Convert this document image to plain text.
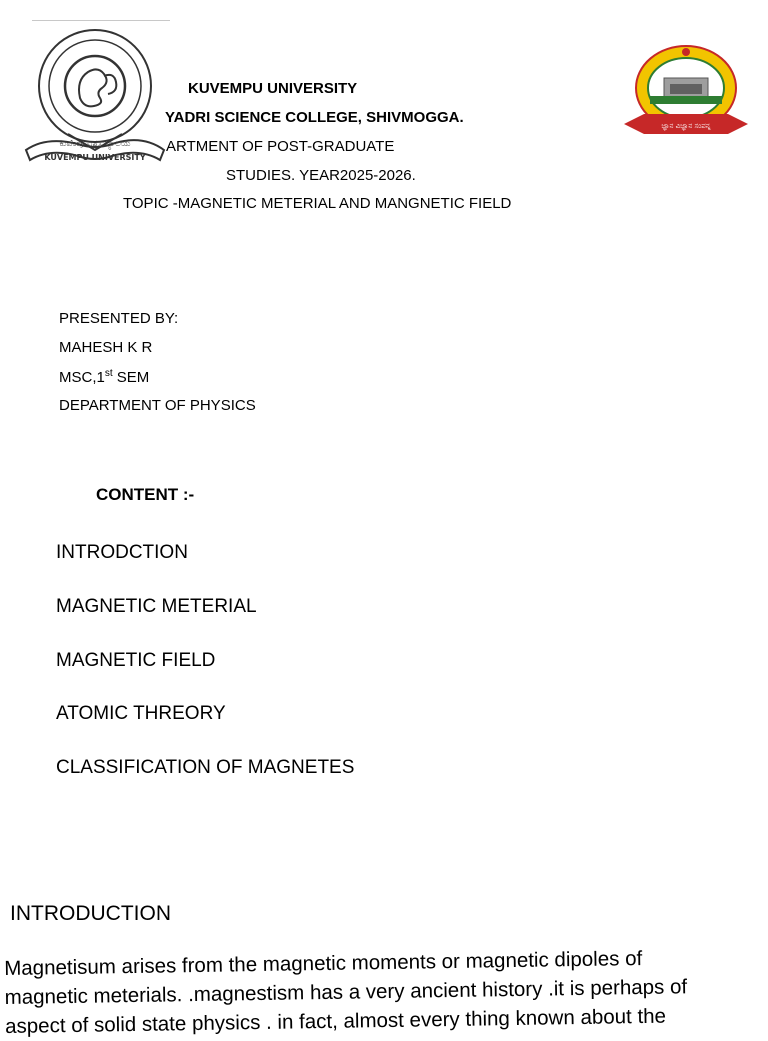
KUVEMPU UNIVERSITY
ಕುವೆಂಪು ವಿಶ್ವವಿದ್ಯಾಲಯ
ಜ್ಞಾನ ವಿಜ್ಞಾನ ಸಂಪನ್ನ
KUVEMPU UNIVERSITY
YADRI SCIENCE COLLEGE, SHIVMOGGA.
ARTMENT OF POST-GRADUATE
STUDIES. YEAR2025-2026.
TOPIC -MAGNETIC METERIAL AND MANGNETIC FIELD
PRESENTED BY:
MAHESH K R
MSC,1st SEM
DEPARTMENT OF PHYSICS
CONTENT :-
INTRODCTION
MAGNETIC METERIAL
MAGNETIC FIELD
ATOMIC THREORY
CLASSIFICATION OF MAGNETES
INTRODUCTION
Magnetisum arises from the magnetic moments or magnetic dipoles of
magnetic meterials. .magnestism has a very ancient history .it is perhaps of
aspect of solid state physics . in fact, almost every thing known about the
